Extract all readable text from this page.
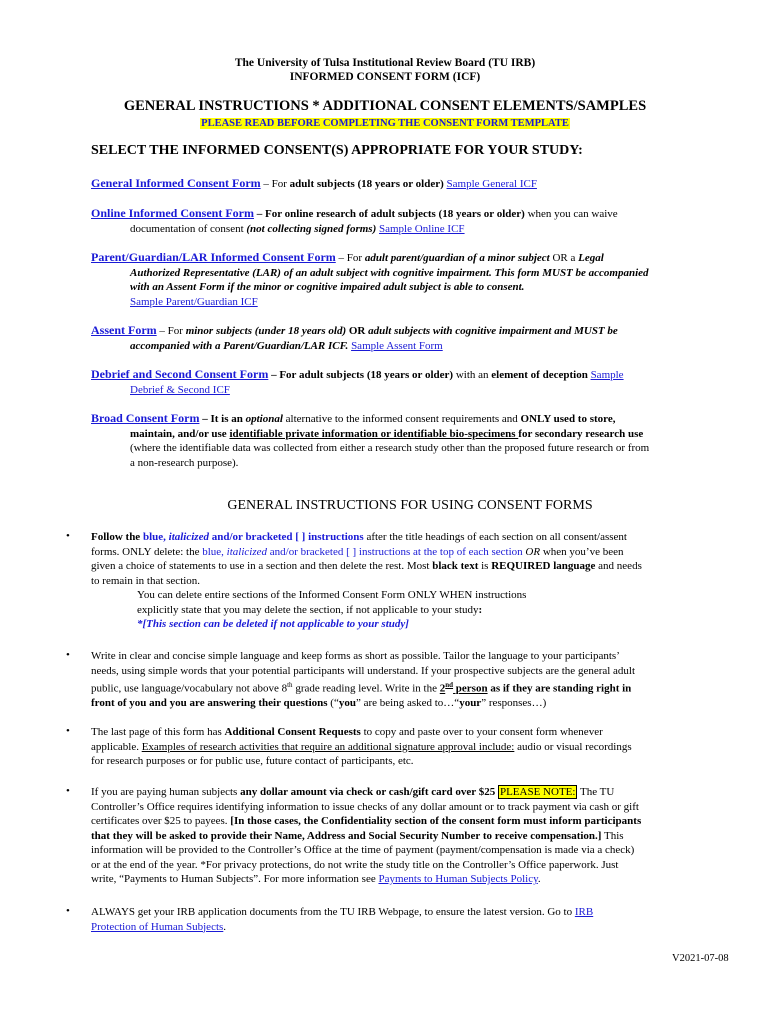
The University of Tulsa Institutional Review Board (TU IRB)
INFORMED CONSENT FORM (ICF)
GENERAL INSTRUCTIONS * ADDITIONAL CONSENT ELEMENTS/SAMPLES
PLEASE READ BEFORE COMPLETING THE CONSENT FORM TEMPLATE
SELECT THE INFORMED CONSENT(S) APPROPRIATE FOR YOUR STUDY:
General Informed Consent Form – For adult subjects (18 years or older) Sample General ICF
Online Informed Consent Form – For online research of adult subjects (18 years or older) when you can waive
documentation of consent (not collecting signed forms) Sample Online ICF
Parent/Guardian/LAR Informed Consent Form – For adult parent/guardian of a minor subject OR a Legal
Authorized Representative (LAR) of an adult subject with cognitive impairment. This form MUST be accompanied
with an Assent Form if the minor or cognitive impaired adult subject is able to consent.
Sample Parent/Guardian ICF
Assent Form – For minor subjects (under 18 years old) OR adult subjects with cognitive impairment and MUST be
accompanied with a Parent/Guardian/LAR ICF. Sample Assent Form
Debrief and Second Consent Form – For adult subjects (18 years or older) with an element of deception Sample
Debrief & Second ICF
Broad Consent Form – It is an optional alternative to the informed consent requirements and ONLY used to store,
maintain, and/or use identifiable private information or identifiable bio-specimens for secondary research use
(where the identifiable data was collected from either a research study other than the proposed future research or from
a non-research purpose).
GENERAL INSTRUCTIONS FOR USING CONSENT FORMS
• Follow the blue, italicized and/or bracketed [ ] instructions after the title headings of each section on all consent/assent
forms. ONLY delete: the blue, italicized and/or bracketed [ ] instructions at the top of each section OR when you’ve been
given a choice of statements to use in a section and then delete the rest. Most black text is REQUIRED language and needs
to remain in that section.
You can delete entire sections of the Informed Consent Form ONLY WHEN instructions
explicitly state that you may delete the section, if not applicable to your study:
*[This section can be deleted if not applicable to your study]
• Write in clear and concise simple language and keep forms as short as possible. Tailor the language to your participants’
needs, using simple words that your potential participants will understand. If your prospective subjects are the general adult
public, use language/vocabulary not above 8th grade reading level. Write in the 2nd person as if they are standing right in
front of you and you are answering their questions (“you” are being asked to…“your” responses…)
• The last page of this form has Additional Consent Requests to copy and paste over to your consent form whenever
applicable. Examples of research activities that require an additional signature approval include: audio or visual recordings
for research purposes or for public use, future contact of participants, etc.
• If you are paying human subjects any dollar amount via check or cash/gift card over $25 PLEASE NOTE: The TU
Controller’s Office requires identifying information to issue checks of any dollar amount or to track payment via cash or gift
certificates over $25 to payees. [In those cases, the Confidentiality section of the consent form must inform participants
that they will be asked to provide their Name, Address and Social Security Number to receive compensation.] This
information will be provided to the Controller’s Office at the time of payment (payment/compensation is made via a check)
or at the end of the year. *For privacy protections, do not write the study title on the Controller’s Office paperwork. Just
write, “Payments to Human Subjects”. For more information see Payments to Human Subjects Policy.
• ALWAYS get your IRB application documents from the TU IRB Webpage, to ensure the latest version. Go to IRB
Protection of Human Subjects.
V2021-07-08
